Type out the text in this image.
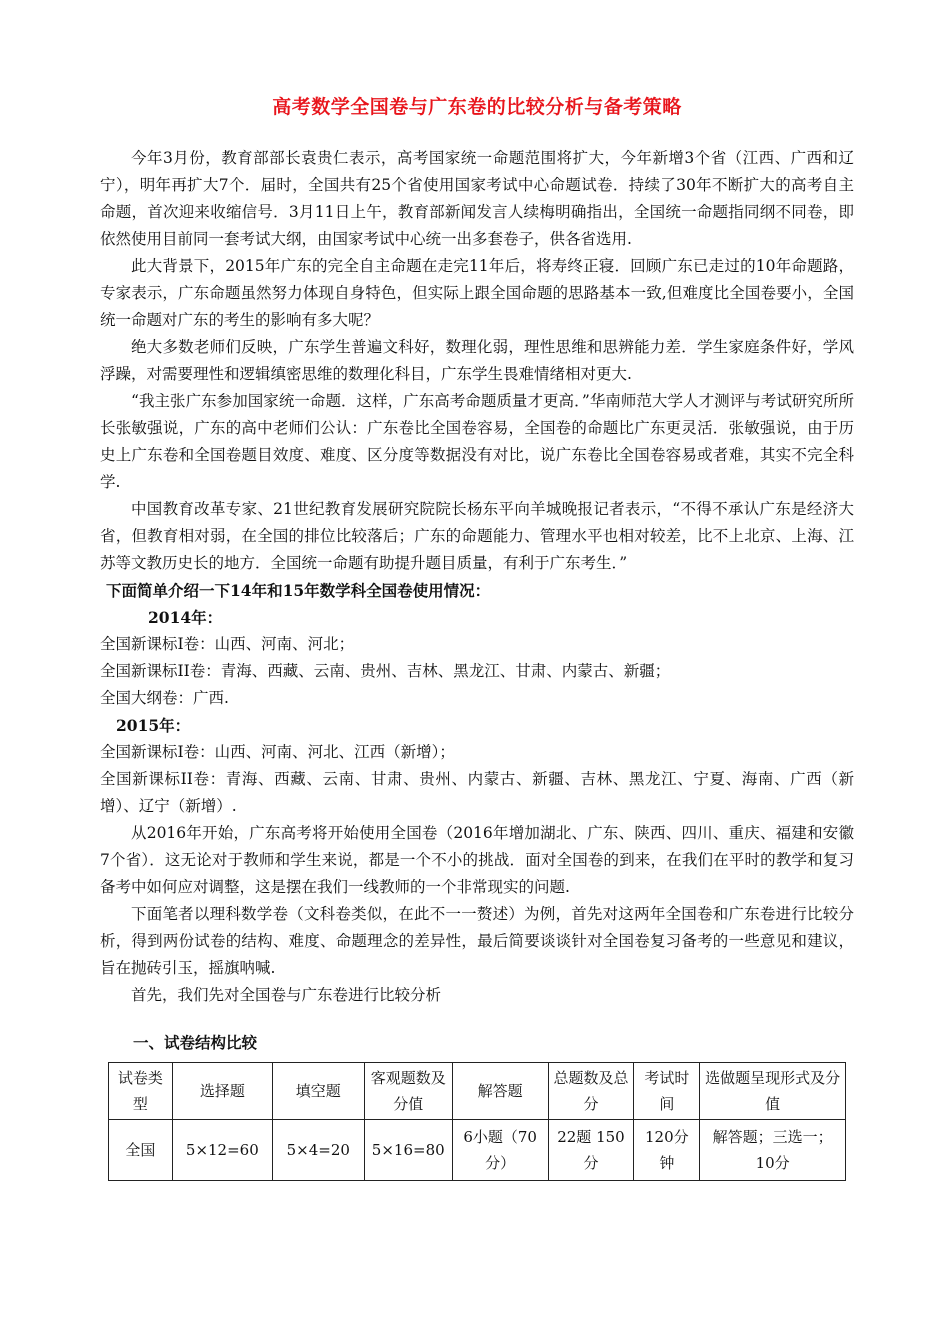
高考数学全国卷与广东卷的比较分析与备考策略

今年3月份，教育部部长袁贵仁表示，高考国家统一命题范围将扩大，今年新增3个省（江西、广西和辽宁），明年再扩大7个．届时，全国共有25个省使用国家考试中心命题试卷．持续了30年不断扩大的高考自主命题，首次迎来收缩信号．3月11日上午，教育部新闻发言人续梅明确指出，全国统一命题指同纲不同卷，即依然使用目前同一套考试大纲，由国家考试中心统一出多套卷子，供各省选用.

此大背景下，2015年广东的完全自主命题在走完11年后，将寿终正寝．回顾广东已走过的10年命题路，专家表示，广东命题虽然努力体现自身特色，但实际上跟全国命题的思路基本一致,但难度比全国卷要小，全国统一命题对广东的考生的影响有多大呢？

绝大多数老师们反映，广东学生普遍文科好，数理化弱，理性思维和思辨能力差．学生家庭条件好，学风浮躁，对需要理性和逻辑缜密思维的数理化科目，广东学生畏难情绪相对更大.

“我主张广东参加国家统一命题．这样，广东高考命题质量才更高．”华南师范大学人才测评与考试研究所所长张敏强说，广东的高中老师们公认：广东卷比全国卷容易，全国卷的命题比广东更灵活．张敏强说，由于历史上广东卷和全国卷题目效度、难度、区分度等数据没有对比，说广东卷比全国卷容易或者难，其实不完全科学.

中国教育改革专家、21世纪教育发展研究院院长杨东平向羊城晚报记者表示，“不得不承认广东是经济大省，但教育相对弱，在全国的排位比较落后；广东的命题能力、管理水平也相对较差，比不上北京、上海、江苏等文教历史长的地方．全国统一命题有助提升题目质量，有利于广东考生．”

下面简单介绍一下14年和15年数学科全国卷使用情况：

2014年：

全国新课标I卷：山西、河南、河北；

全国新课标II卷：青海、西藏、云南、贵州、吉林、黑龙江、甘肃、内蒙古、新疆；

全国大纲卷：广西.

2015年：

全国新课标I卷：山西、河南、河北、江西（新增）；

全国新课标II卷：青海、西藏、云南、甘肃、贵州、内蒙古、新疆、吉林、黑龙江、宁夏、海南、广西（新增）、辽宁（新增）.

从2016年开始，广东高考将开始使用全国卷（2016年增加湖北、广东、陕西、四川、重庆、福建和安徽7个省）．这无论对于教师和学生来说，都是一个不小的挑战．面对全国卷的到来，在我们在平时的教学和复习备考中如何应对调整，这是摆在我们一线教师的一个非常现实的问题.

下面笔者以理科数学卷（文科卷类似，在此不一一赘述）为例，首先对这两年全国卷和广东卷进行比较分析，得到两份试卷的结构、难度、命题理念的差异性，最后简要谈谈针对全国卷复习备考的一些意见和建议，旨在抛砖引玉，摇旗呐喊.

首先，我们先对全国卷与广东卷进行比较分析

一、试卷结构比较

试卷类型	选择题	填空题	客观题数及分值	解答题	总题数及总分	考试时间	选做题呈现形式及分值
全国	5×12=60	5×4=20	5×16=80	6小题（70分）	22题 150分	120分钟	解答题；三选一；10分
